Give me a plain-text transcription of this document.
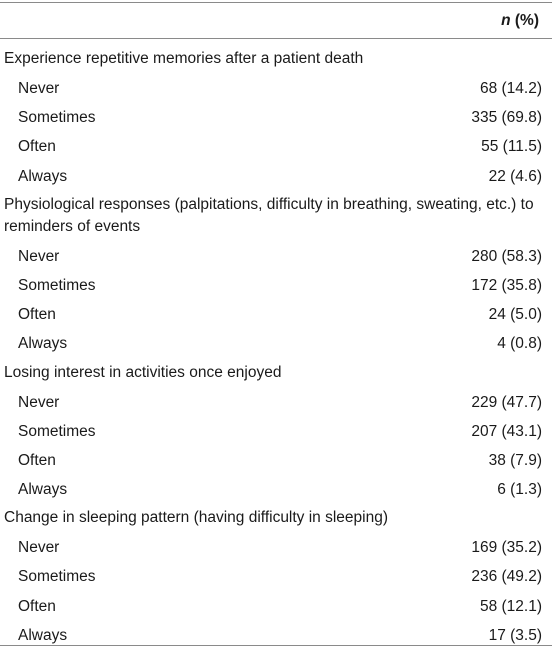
n (%)
Experience repetitive memories after a patient death
Never	68 (14.2)
Sometimes	335 (69.8)
Often	55 (11.5)
Always	22 (4.6)
Physiological responses (palpitations, difficulty in breathing, sweating, etc.) to reminders of events
Never	280 (58.3)
Sometimes	172 (35.8)
Often	24 (5.0)
Always	4 (0.8)
Losing interest in activities once enjoyed
Never	229 (47.7)
Sometimes	207 (43.1)
Often	38 (7.9)
Always	6 (1.3)
Change in sleeping pattern (having difficulty in sleeping)
Never	169 (35.2)
Sometimes	236 (49.2)
Often	58 (12.1)
Always	17 (3.5)
